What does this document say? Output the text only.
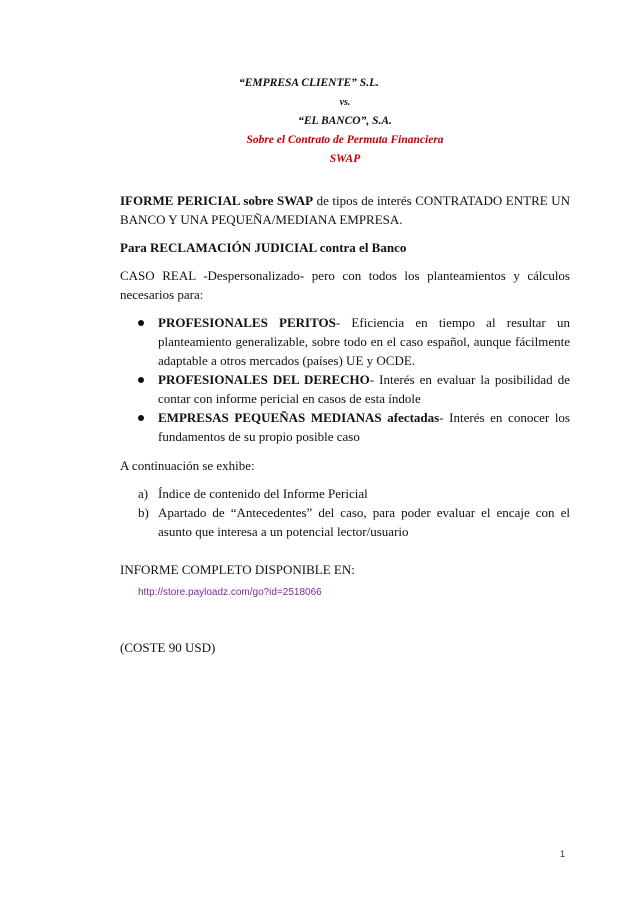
“EMPRESA CLIENTE” S.L.
vs.
“EL BANCO”, S.A.
Sobre el Contrato de Permuta Financiera
SWAP

IFORME PERICIAL sobre SWAP de tipos de interés CONTRATADO ENTRE UN BANCO Y UNA PEQUEÑA/MEDIANA EMPRESA.

Para RECLAMACIÓN JUDICIAL contra el Banco

CASO REAL -Despersonalizado- pero con todos los planteamientos y cálculos necesarios para:

PROFESIONALES PERITOS- Eficiencia en tiempo al resultar un planteamiento generalizable, sobre todo en el caso español, aunque fácilmente adaptable a otros mercados (países) UE y OCDE.
PROFESIONALES DEL DERECHO- Interés en evaluar la posibilidad de contar con informe pericial en casos de esta índole
EMPRESAS PEQUEÑAS MEDIANAS afectadas- Interés en conocer los fundamentos de su propio posible caso

A continuación se exhibe:

a) Índice de contenido del Informe Pericial
b) Apartado de “Antecedentes” del caso, para poder evaluar el encaje con el asunto que interesa a un potencial lector/usuario
INFORME COMPLETO DISPONIBLE EN:
http://store.payloadz.com/go?id=2518066
(COSTE 90 USD)
1
